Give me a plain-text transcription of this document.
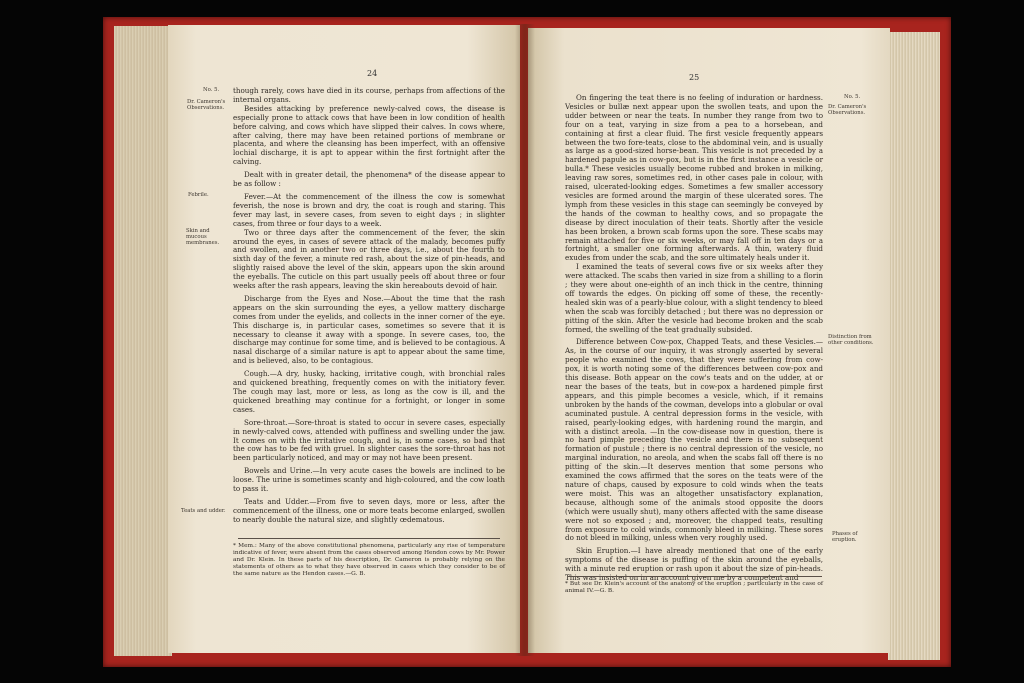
24
No. 5.
Dr. Cameron's Observations.
Febrile.
Skin and mucous membranes.
Teats and udder.

though rarely, cows have died in its course, perhaps from affections of the internal organs.

Besides attacking by preference newly-calved cows, the disease is especially prone to attack cows that have been in low condition of health before calving, and cows which have slipped their calves. In cows where, after calving, there may have been retained portions of membrane or placenta, and where the cleansing has been imperfect, with an offensive lochial discharge, it is apt to appear within the first fortnight after the calving.

Dealt with in greater detail, the phenomena* of the disease appear to be as follow :

Fever.—At the commencement of the illness the cow is somewhat feverish, the nose is brown and dry, the coat is rough and staring. This fever may last, in severe cases, from seven to eight days ; in slighter cases, from three or four days to a week.

Two or three days after the commencement of the fever, the skin around the eyes, in cases of severe attack of the malady, becomes puffy and swollen, and in another two or three days, i.e., about the fourth to sixth day of the fever, a minute red rash, about the size of pin-heads, and slightly raised above the level of the skin, appears upon the skin around the eyeballs. The cuticle on this part usually peels off about three or four weeks after the rash appears, leaving the skin hereabouts devoid of hair.

Discharge from the Eyes and Nose.—About the time that the rash appears on the skin surrounding the eyes, a yellow mattery discharge comes from under the eyelids, and collects in the inner corner of the eye. This discharge is, in particular cases, sometimes so severe that it is necessary to cleanse it away with a sponge. In severe cases, too, the discharge may continue for some time, and is believed to be contagious. A nasal discharge of a similar nature is apt to appear about the same time, and is believed, also, to be contagious.

Cough.—A dry, husky, hacking, irritative cough, with bronchial rales and quickened breathing, frequently comes on with the initiatory fever. The cough may last, more or less, as long as the cow is ill, and the quickened breathing may continue for a fortnight, or longer in some cases.

Sore-throat.—Sore-throat is stated to occur in severe cases, especially in newly-calved cows, attended with puffiness and swelling under the jaw. It comes on with the irritative cough, and is, in some cases, so bad that the cow has to be fed with gruel. In slighter cases the sore-throat has not been particularly noticed, and may or may not have been present.

Bowels and Urine.—In very acute cases the bowels are inclined to be loose. The urine is sometimes scanty and high-coloured, and the cow loath to pass it.

Teats and Udder.—From five to seven days, more or less, after the commencement of the illness, one or more teats become enlarged, swollen to nearly double the natural size, and slightly œdematous.

* Mem.: Many of the above constitutional phenomena, particularly any rise of temperature indicative of fever, were absent from the cases observed among Hendon cows by Mr. Power and Dr. Klein. In these parts of his description, Dr. Cameron is probably relying on the statements of others as to what they have observed in cases which they consider to be of the same nature as the Hendon cases.—G. B.
25

On fingering the teat there is no feeling of induration or hardness. Vesicles or bullæ next appear upon the swollen teats, and upon the udder between or near the teats. In number they range from two to four on a teat, varying in size from a pea to a horsebean, and containing at first a clear fluid. The first vesicle frequently appears between the two fore-teats, close to the abdominal vein, and is usually as large as a good-sized horse-bean. This vesicle is not preceded by a hardened papule as in cow-pox, but is in the first instance a vesicle or bulla.* These vesicles usually become rubbed and broken in milking, leaving raw sores, sometimes red, in other cases pale in colour, with raised, ulcerated-looking edges. Sometimes a few smaller accessory vesicles are formed around the margin of these ulcerated sores. The lymph from these vesicles in this stage can seemingly be conveyed by the hands of the cowman to healthy cows, and so propagate the disease by direct inoculation of their teats. Shortly after the vesicle has been broken, a brown scab forms upon the sore. These scabs may remain attached for five or six weeks, or may fall off in ten days or a fortnight, a smaller one forming afterwards. A thin, watery fluid exudes from under the scab, and the sore ultimately heals under it.

I examined the teats of several cows five or six weeks after they were attacked. The scabs then varied in size from a shilling to a florin ; they were about one-eighth of an inch thick in the centre, thinning off towards the edges. On picking off some of these, the recently-healed skin was of a pearly-blue colour, with a slight tendency to bleed when the scab was forcibly detached ; but there was no depression or pitting of the skin. After the vesicle had become broken and the scab formed, the swelling of the teat gradually subsided.

Difference between Cow-pox, Chapped Teats, and these Vesicles.—As, in the course of our inquiry, it was strongly asserted by several people who examined the cows, that they were suffering from cow-pox, it is worth noting some of the differences between cow-pox and this disease. Both appear on the cow's teats and on the udder, at or near the bases of the teats, but in cow-pox a hardened pimple first appears, and this pimple becomes a vesicle, which, if it remains unbroken by the hands of the cowman, develops into a globular or oval acuminated pustule. A central depression forms in the vesicle, with raised, pearly-looking edges, with hardening round the margin, and with a distinct areola. —In the cow-disease now in question, there is no hard pimple preceding the vesicle and there is no subsequent formation of pustule ; there is no central depression of the vesicle, no marginal induration, no areola, and when the scabs fall off there is no pitting of the skin.—It deserves mention that some persons who examined the cows affirmed that the sores on the teats were of the nature of chaps, caused by exposure to cold winds when the teats were moist. This was an altogether unsatisfactory explanation, because, although some of the animals stood opposite the doors (which were usually shut), many others affected with the same disease were not so exposed ; and, moreover, the chapped teats, resulting from exposure to cold winds, commonly bleed in milking. These sores do not bleed in milking, unless when very roughly used.

Skin Eruption.—I have already mentioned that one of the early symptoms of the disease is puffing of the skin around the eyeballs, with a minute red eruption or rash upon it about the size of pin-heads. This was insisted on in an account given me by a competent and

No. 5.
Dr. Cameron's Observations.
Distinction from other conditions.
Phases of eruption.
* But see Dr. Klein's account of the anatomy of the eruption ; particularly in the case of animal IV.—G. B.
